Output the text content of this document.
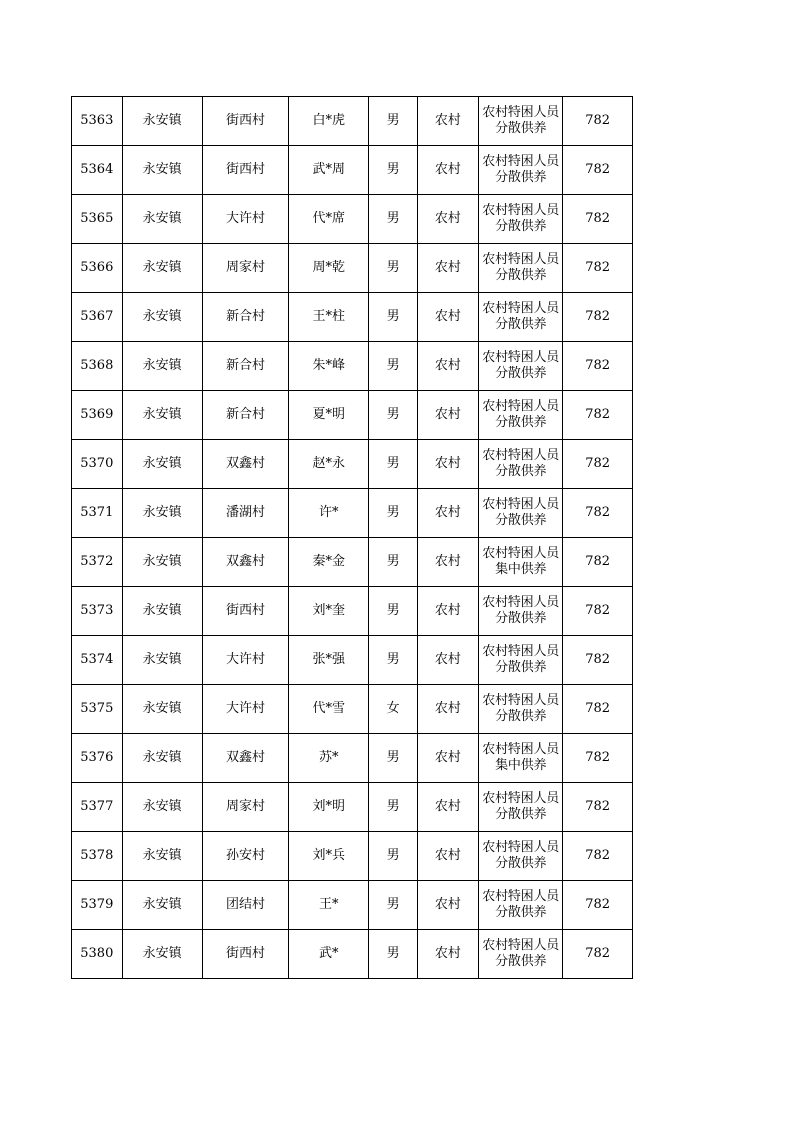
5363	永安镇	街西村	白*虎	男	农村	农村特困人员分散供养	782
5364	永安镇	街西村	武*周	男	农村	农村特困人员分散供养	782
5365	永安镇	大许村	代*席	男	农村	农村特困人员分散供养	782
5366	永安镇	周家村	周*乾	男	农村	农村特困人员分散供养	782
5367	永安镇	新合村	王*柱	男	农村	农村特困人员分散供养	782
5368	永安镇	新合村	朱*峰	男	农村	农村特困人员分散供养	782
5369	永安镇	新合村	夏*明	男	农村	农村特困人员分散供养	782
5370	永安镇	双鑫村	赵*永	男	农村	农村特困人员分散供养	782
5371	永安镇	潘湖村	许*	男	农村	农村特困人员分散供养	782
5372	永安镇	双鑫村	秦*金	男	农村	农村特困人员集中供养	782
5373	永安镇	街西村	刘*奎	男	农村	农村特困人员分散供养	782
5374	永安镇	大许村	张*强	男	农村	农村特困人员分散供养	782
5375	永安镇	大许村	代*雪	女	农村	农村特困人员分散供养	782
5376	永安镇	双鑫村	苏*	男	农村	农村特困人员集中供养	782
5377	永安镇	周家村	刘*明	男	农村	农村特困人员分散供养	782
5378	永安镇	孙安村	刘*兵	男	农村	农村特困人员分散供养	782
5379	永安镇	团结村	王*	男	农村	农村特困人员分散供养	782
5380	永安镇	街西村	武*	男	农村	农村特困人员分散供养	782
